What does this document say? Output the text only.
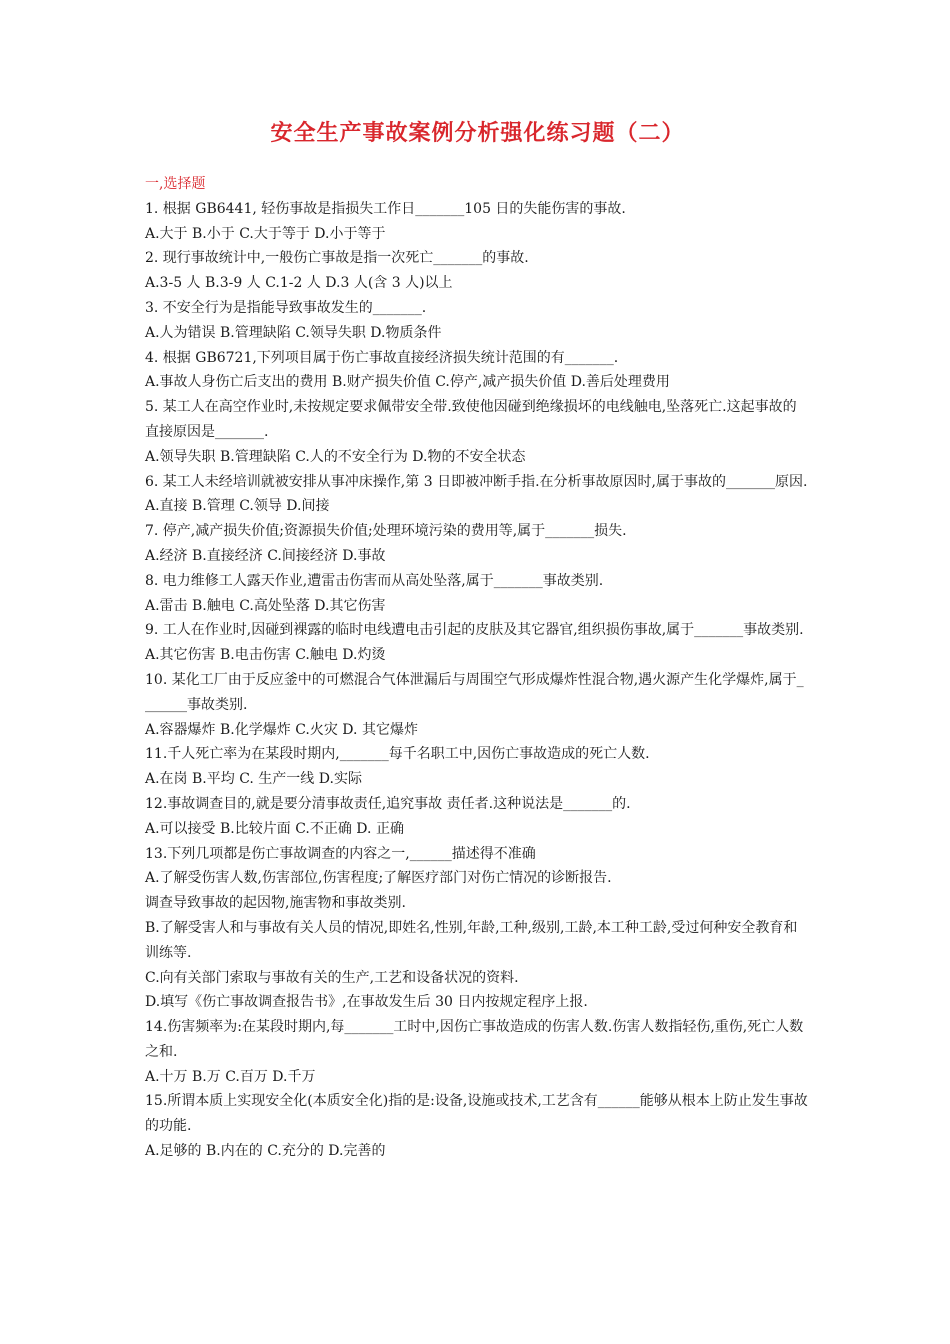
安全生产事故案例分析强化练习题（二）

一,选择题

1. 根据 GB6441, 轻伤事故是指损失工作日_______105 日的失能伤害的事故.

A.大于 B.小于 C.大于等于 D.小于等于

2. 现行事故统计中,一般伤亡事故是指一次死亡_______的事故.

A.3-5 人 B.3-9 人 C.1-2 人 D.3 人(含 3 人)以上

3. 不安全行为是指能导致事故发生的_______.

A.人为错误 B.管理缺陷 C.领导失职 D.物质条件

4. 根据 GB6721,下列项目属于伤亡事故直接经济损失统计范围的有_______.

A.事故人身伤亡后支出的费用 B.财产损失价值 C.停产,减产损失价值 D.善后处理费用

5. 某工人在高空作业时,未按规定要求佩带安全带.致使他因碰到绝缘损坏的电线触电,坠落死亡.这起事故的直接原因是_______.

A.领导失职 B.管理缺陷 C.人的不安全行为 D.物的不安全状态

6. 某工人未经培训就被安排从事冲床操作,第 3 日即被冲断手指.在分析事故原因时,属于事故的_______原因.

A.直接 B.管理 C.领导 D.间接

7. 停产,减产损失价值;资源损失价值;处理环境污染的费用等,属于_______损失.

A.经济 B.直接经济 C.间接经济 D.事故

8. 电力维修工人露天作业,遭雷击伤害而从高处坠落,属于_______事故类别.

A.雷击 B.触电 C.高处坠落 D.其它伤害

9. 工人在作业时,因碰到裸露的临时电线遭电击引起的皮肤及其它器官,组织损伤事故,属于_______事故类别.

A.其它伤害 B.电击伤害 C.触电 D.灼烫

10. 某化工厂由于反应釜中的可燃混合气体泄漏后与周围空气形成爆炸性混合物,遇火源产生化学爆炸,属于_______事故类别.

A.容器爆炸 B.化学爆炸 C.火灾 D. 其它爆炸

11.千人死亡率为在某段时期内,_______每千名职工中,因伤亡事故造成的死亡人数.

A.在岗 B.平均 C. 生产一线 D.实际

12.事故调查目的,就是要分清事故责任,追究事故 责任者.这种说法是_______的.

A.可以接受 B.比较片面 C.不正确 D. 正确

13.下列几项都是伤亡事故调查的内容之一,______描述得不准确

A.了解受伤害人数,伤害部位,伤害程度;了解医疗部门对伤亡情况的诊断报告.

调查导致事故的起因物,施害物和事故类别.

B.了解受害人和与事故有关人员的情况,即姓名,性别,年龄,工种,级别,工龄,本工种工龄,受过何种安全教育和训练等.

C.向有关部门索取与事故有关的生产,工艺和设备状况的资料.

D.填写《伤亡事故调查报告书》,在事故发生后 30 日内按规定程序上报.

14.伤害频率为:在某段时期内,每_______工时中,因伤亡事故造成的伤害人数.伤害人数指轻伤,重伤,死亡人数之和.

A.十万 B.万 C.百万 D.千万

15.所谓本质上实现安全化(本质安全化)指的是:设备,设施或技术,工艺含有______能够从根本上防止发生事故的功能.

A.足够的 B.内在的 C.充分的 D.完善的
